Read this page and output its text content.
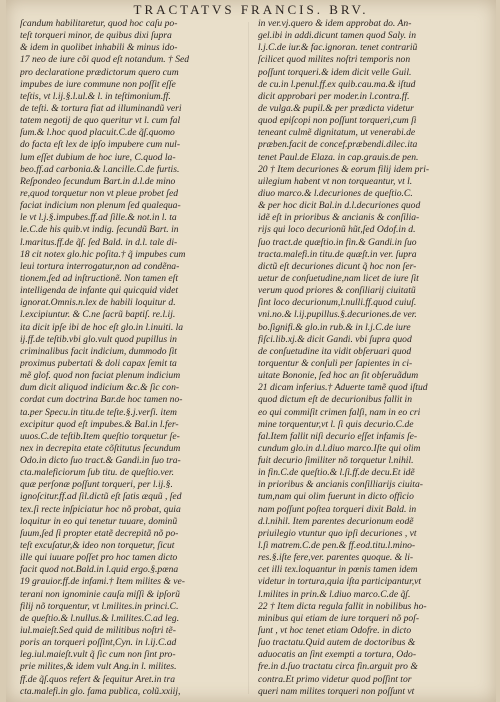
TRACTATVS FRANCIS. BRV.
ſcandum habilitaretur, quod hoc caſu po-
teſt torqueri minor, de quibus dixi ſupra
& idem in quolibet inhabili & minus ido-
17 neo de iure cõi quod eſt notandum. † Sed
pro declaratione prædictorum quero cum
impubes de iure commune non poſſit eſſe
teſtis, vt l.ij.§.l.ul.& l. in teſtimonium.ff.
de teſti. & tortura fiat ad illuminandũ veri
tatem negotij de quo queritur vt l. cum fal
ſum.& l.hoc quod placuit.C.de q̃ſ.quomo
do facta eſt lex de ipſo impubere cum nul-
lum eſſet dubium de hoc iure, C.quod la-
beo.ff.ad carbonia.& l.ancille.C.de furtis.
Reſpondeo ſecundum Bart.in d.l.de mino
re,quod torquetur non vt pleue probet ſed
faciat indicium non plenum ſed qualequa-
le vt l.j.§.impubes.ff.ad ſille.& not.in l. ta
le.C.de his quib.vt indig. ſecundũ Bart. in
l.maritus.ff.de q̃ſ. ſed Bald. in d.l. tale di-
18 cit notex glo.hic poſita.† q̃ impubes cum
leui tortura interrogatur,non ad condẽna-
tionem,ſed ad inſtructionẽ. Non tamen eſt
intelligenda de infante qui quicquid videt
ignorat.Omnis.n.lex de habili loquitur d.
l.excipiuntur. & C.ne ſacrũ baptiſ. re.l.ij.
ita dicit ipſe ibi de hoc eſt glo.in l.inuiti. la
ij.ff.de teſtib.vbi glo.vult quod pupillus in
criminalibus facit indicium, dummodo ſit
proximus pubertati & doli capax ſemit ta
mẽ glof. quod non faciat plenum indicium
dum dicit aliquod indicium &c.& ſic con-
cordat cum doctrina Bar.de hoc tamen no-
ta.per Specu.in titu.de teſte.§.j.verſi. item
excipitur quod eſt impubes.& Bal.in l.fer-
uuos.C.de teſtib.Item queſtio torquetur ſe-
nex in decrepita etate cõſtitutus ſecundum
Odo.in dicto ſuo tract.& Gandi.in ſuo tra-
cta.maleficiorum ſub titu. de queſtio.ver.
quæ perſonæ poſſunt torqueri, per l.ij.§.
ignoſcitur.ff.ad ſil.dictũ eſt ſatis æquũ , ſed
tex.ſi recte inſpiciatur hoc nõ probat, quia
loquitur in eo qui tenetur tuuare, dominũ
ſuum,ſed ſi propter etatẽ decrepitã nõ po-
teſt excuſatur,& ideo non torquetur, ſicut
ille qui iuuare poſſet pro hoc tamen dicto
facit quod not.Bald.in l.quid ergo.§.pœna
19 grauior.ff.de infami.† Item milites & ve-
terani non ignominie cauſa miſſi & ipſorũ
filij nõ torquentur, vt l.milites.in princi.C.
de queſtio.& l.nullus.& l.milites.C.ad leg.
iul.maieſt.Sed quid de militibus noſtri tẽ-
poris an torqueri poſſint,Cyn. in l.ij.C.ad
leg.iul.maieſt.vult q̃ ſic cum non ſint pro-
prie milites,& idem vult Ang.in l. milites.
ff.de q̃ſ.quos refert & ſequitur Aret.in tra
cta.malefi.in glo. fama publica, colũ.xxiij,
in ver.vj.quero & idem approbat do. An-
gel.ibi in addi.dicunt tamen quod Saly. in
l.j.C.de iur.& fac.ignoran. tenet contrariũ
ſcilicet quod milites noſtri temporis non
poſſunt torqueri.& idem dicit velle Guil.
de cu.in l.penul.ff.ex quib.cau.ma.& iſtud
dicit approbari per moder.in l.contra.ff.
de vulga.& pupil.& per prædicta videtur
quod epiſcopi non poſſunt torqueri,cum ſi
teneant culmẽ dignitatum, ut venerabi.de
præben.facit de concef.præbendi.dilec.ita
tenet Paul.de Elaza. in cap.grauis.de pen.
20 † Item decuriones & eorum filij idem pri-
uilegium habent vt non torqueantur, vt l.
diuo marco.& l.decuriones de queſtio.C.
& per hoc dicit Bal.in d.l.decuriones quod
idẽ eſt in prioribus & ancianis & conſilia-
rijs qui loco decurionũ hũt,ſed Odof.in d.
ſuo tract.de quæſtio.in fin.& Gandi.in ſuo
tracta.malefi.in titu.de quæſt.in ver. ſupra
dictũ eſt decuriones dicunt q̃ hoc non ſer-
uetur de conſuetudine,nam licet de iure ſit
verum quod priores & conſiliarij ciuitatũ
ſint loco decurionum,l.nulli.ff.quod cuiuſ.
vni.no.& l.ij.pupillus.§.decuriones.de ver.
bo.ſignifi.& glo.in rub.& in l.j.C.de iure
fiſci.lib.xj.& dicit Gandi. vbi ſupra quod
de conſuetudine ita vidit obſeruari quod
torquentur & conſuli per ſapientes in ci-
uitate Bononie, ſed hoc an ſit obſeruãdum
21 dicam inferius.† Aduerte tamẽ quod iſtud
quod dictum eſt de decurionibus fallit in
eo qui commiſit crimen falſi, nam in eo cri
mine torquentur,vt l. ſi quis decurio.C.de
fal.Item fallit niſi decurio eſſet infamis ſe-
cundum glo.in d.l.diuo marco.Iſte qui olim
fuit decurio ſimiliter nõ torquetur l.nihil.
in fin.C.de queſtio.& l.ſi.ff.de decu.Et idẽ
in prioribus & ancianis conſilliarijs ciuita-
tum,nam qui olim fuerunt in dicto officio
nam poſſunt poſtea torqueri dixit Bald. in
d.l.nihil. Item parentes decurionum eodẽ
priuilegio vtuntur quo ipſi decuriones , vt
l.ſi matrem.C.de pen.& ff.eod.titu.l.mino-
res.§.iſte fere,ver. parentes quoque. & li-
cet illi tex.loquantur in pœnis tamen idem
videtur in tortura,quia iſta participantur,vt
l.milites in prin.& l.diuo marco.C.de q̃ſ.
22 † Item dicta regula fallit in nobilibus ho-
minibus qui etiam de iure torqueri nõ poſ-
ſunt , vt hoc tenet etiam Odofre. in dicto
ſuo tractatu.Quid autem de doctoribus &
aduocatis an ſint exempti a tortura, Odo-
fre.in d.ſuo tractatu circa fin.arguit pro &
contra.Et primo videtur quod poſſint tor
queri nam milites torqueri non poſſunt vt
